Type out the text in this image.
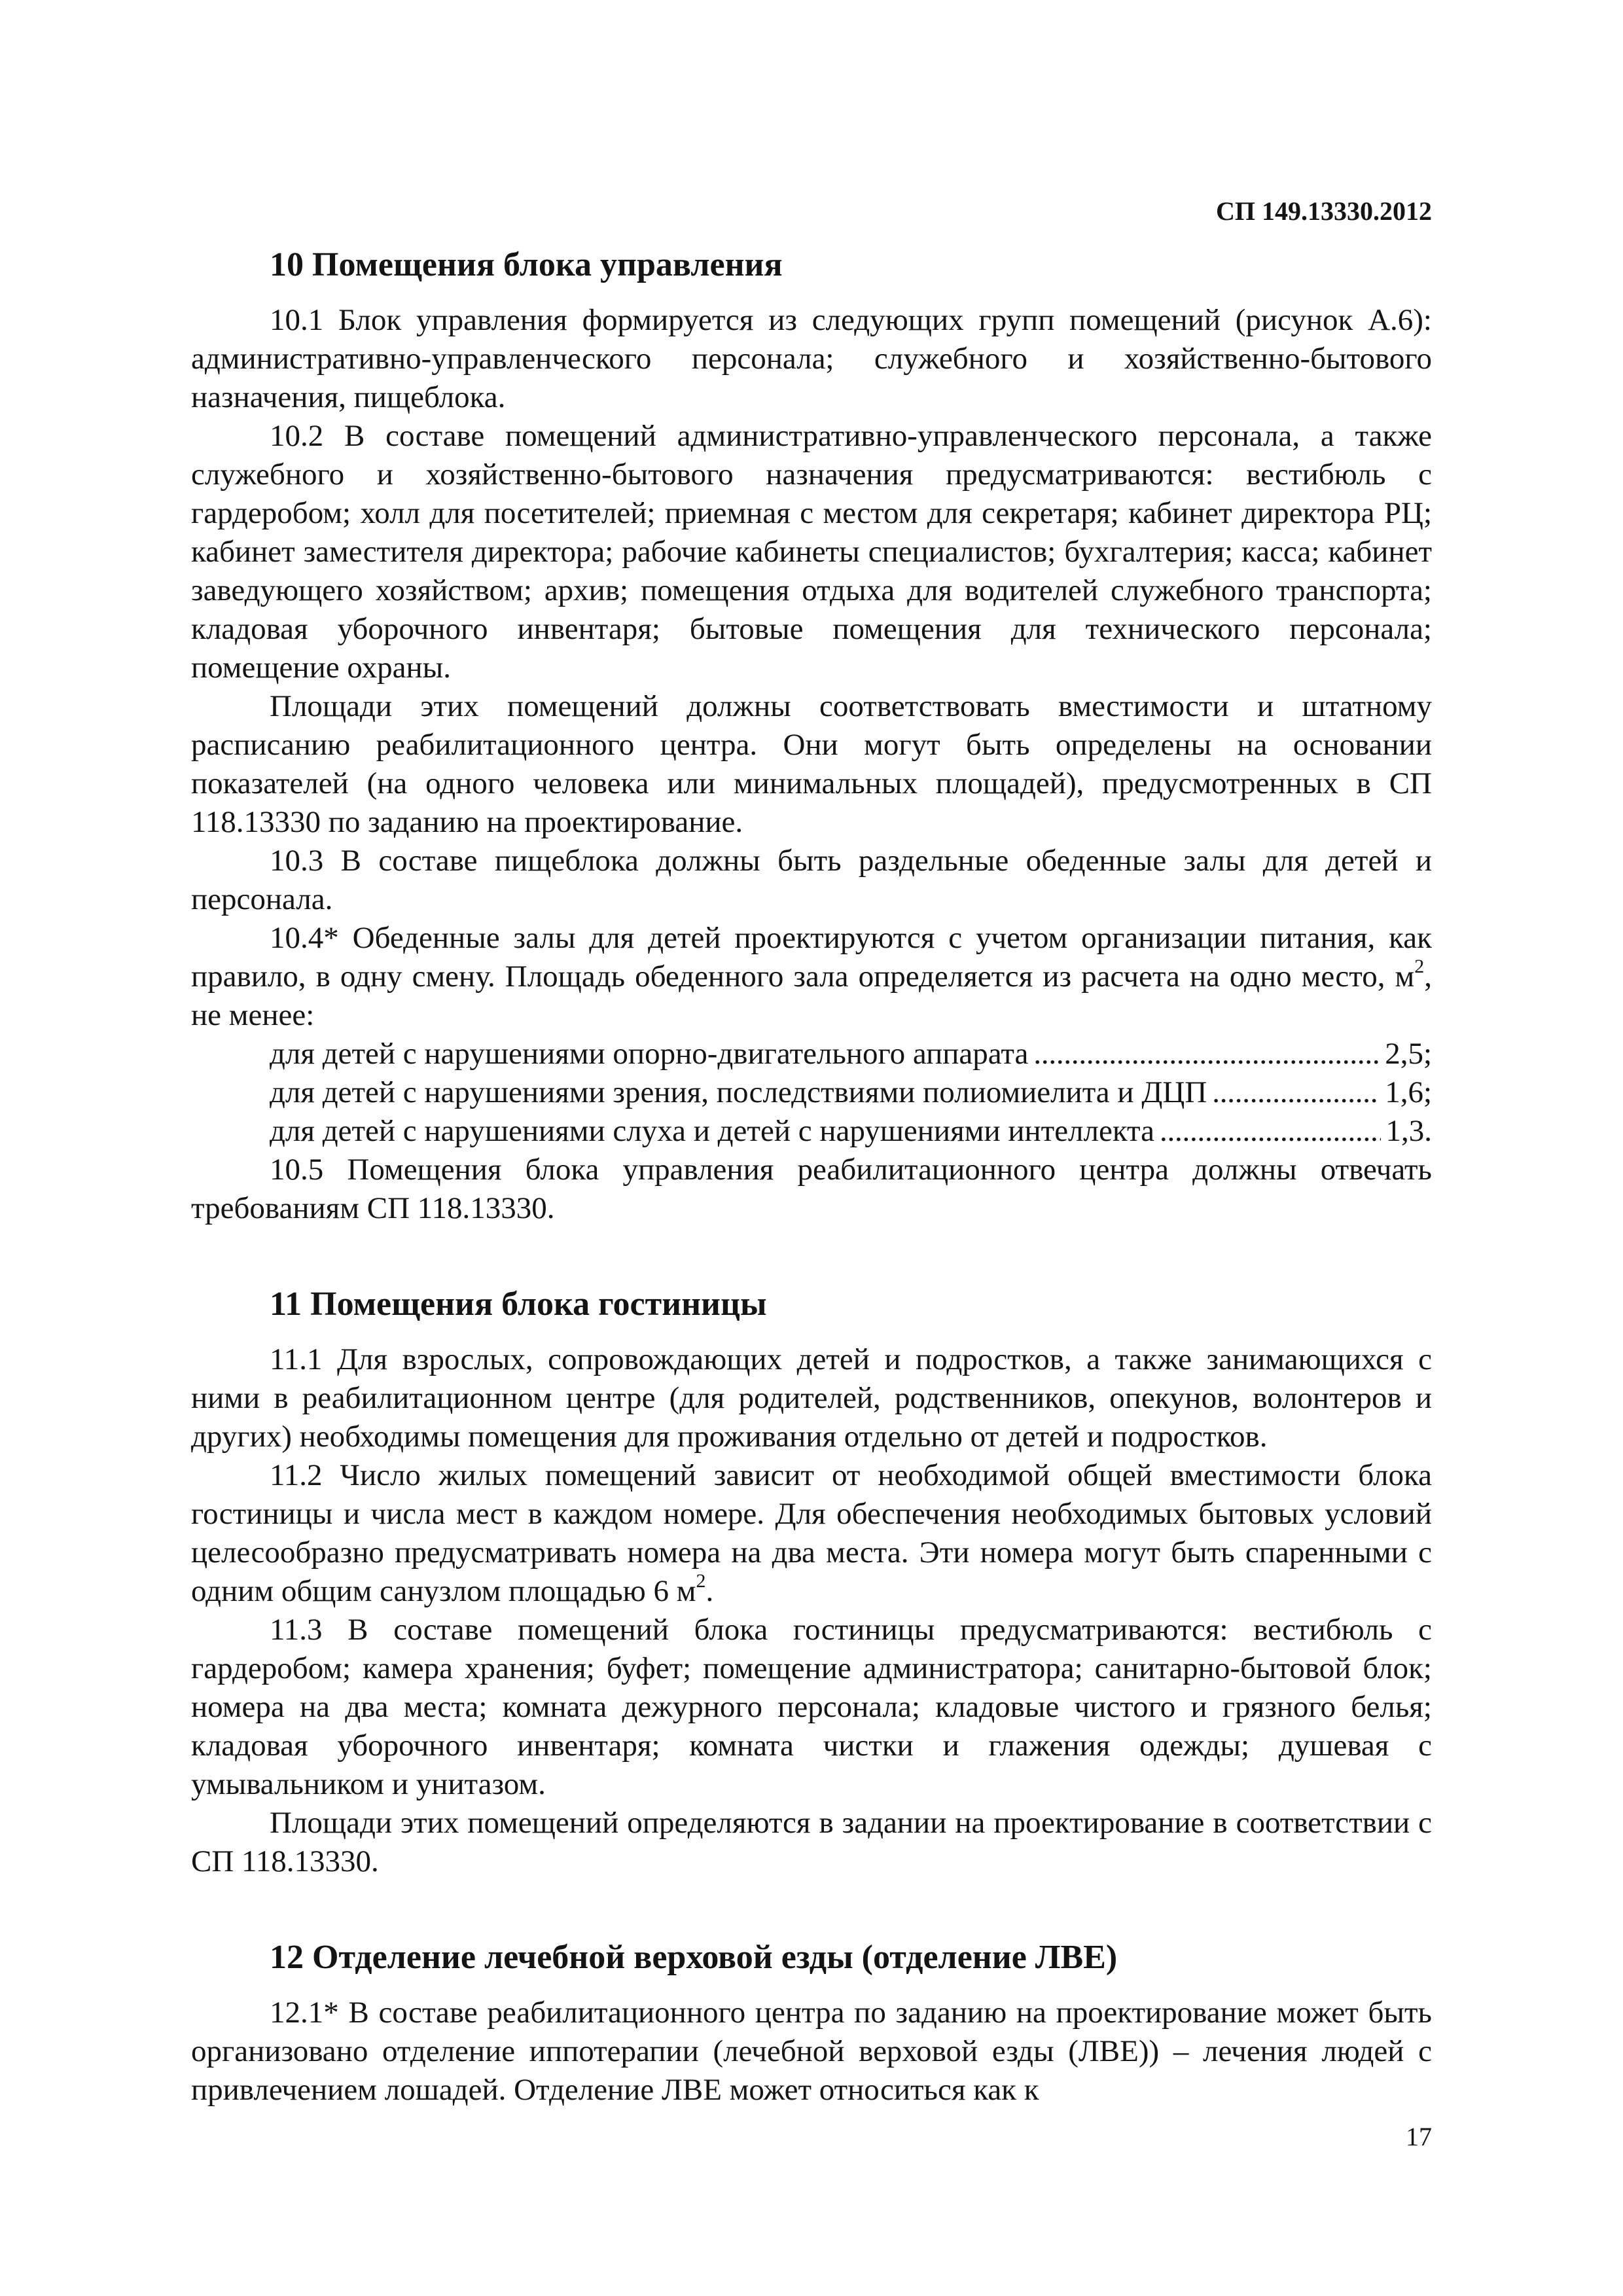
СП 149.13330.2012
10 Помещения блока управления

10.1 Блок управления формируется из следующих групп помещений (рисунок А.6): административно-управленческого персонала; служебного и хозяйственно-бытового назначения, пищеблока.

10.2 В составе помещений административно-управленческого персонала, а также служебного и хозяйственно-бытового назначения предусматриваются: вестибюль с гардеробом; холл для посетителей; приемная с местом для секретаря; кабинет директора РЦ; кабинет заместителя директора; рабочие кабинеты специалистов; бухгалтерия; касса; кабинет заведующего хозяйством; архив; помещения отдыха для водителей служебного транспорта; кладовая уборочного инвентаря; бытовые помещения для технического персонала; помещение охраны.

Площади этих помещений должны соответствовать вместимости и штатному расписанию реабилитационного центра. Они могут быть определены на основании показателей (на одного человека или минимальных площадей), предусмотренных в СП 118.13330 по заданию на проектирование.

10.3 В составе пищеблока должны быть раздельные обеденные залы для детей и персонала.

10.4* Обеденные залы для детей проектируются с учетом организации питания, как правило, в одну смену. Площадь обеденного зала определяется из расчета на одно место, $м^2$, не менее:

для детей с нарушениями опорно-двигательного аппарата . . .	2,5;
для детей с нарушениями зрения, последствиями полиомиелита и ДЦП . . .	1,6;
для детей с нарушениями слуха и детей с нарушениями интеллекта . . .	1,3.

10.5 Помещения блока управления реабилитационного центра должны отвечать требованиям СП 118.13330.

11 Помещения блока гостиницы

11.1 Для взрослых, сопровождающих детей и подростков, а также занимающихся с ними в реабилитационном центре (для родителей, родственников, опекунов, волонтеров и других) необходимы помещения для проживания отдельно от детей и подростков.

11.2 Число жилых помещений зависит от необходимой общей вместимости блока гостиницы и числа мест в каждом номере. Для обеспечения необходимых бытовых условий целесообразно предусматривать номера на два места. Эти номера могут быть спаренными с одним общим санузлом площадью 6 $м^2$.

11.3 В составе помещений блока гостиницы предусматриваются: вестибюль с гардеробом; камера хранения; буфет; помещение администратора; санитарно-бытовой блок; номера на два места; комната дежурного персонала; кладовые чистого и грязного белья; кладовая уборочного инвентаря; комната чистки и глажения одежды; душевая с умывальником и унитазом.

Площади этих помещений определяются в задании на проектирование в соответствии с СП 118.13330.

12 Отделение лечебной верховой езды (отделение ЛВЕ)

12.1* В составе реабилитационного центра по заданию на проектирование может быть организовано отделение иппотерапии (лечебной верховой езды (ЛВЕ)) – лечения людей с привлечением лошадей. Отделение ЛВЕ может относиться как к

17
